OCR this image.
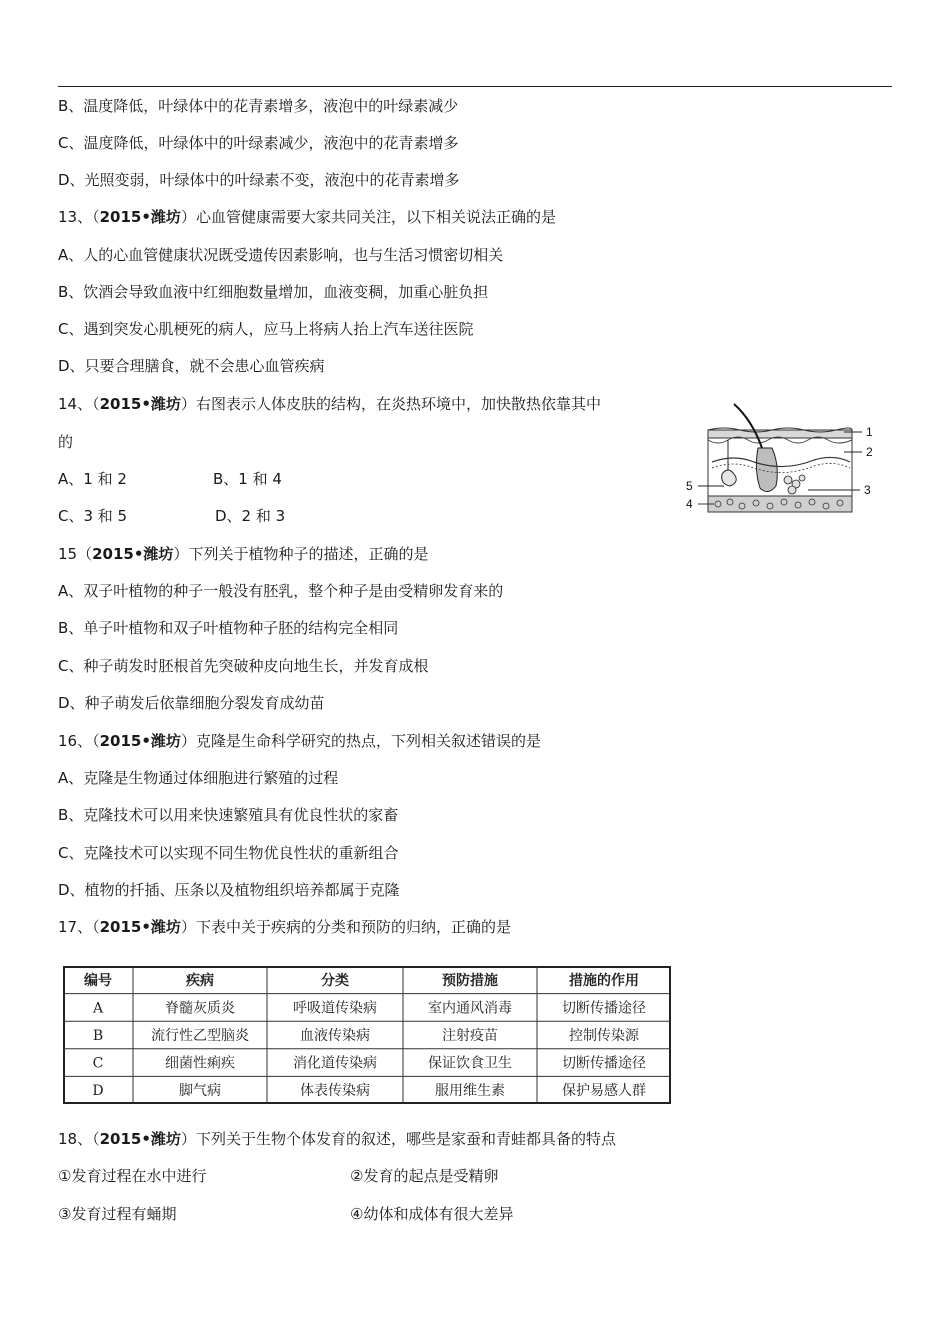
B、温度降低，叶绿体中的花青素增多，液泡中的叶绿素减少
C、温度降低，叶绿体中的叶绿素减少，液泡中的花青素增多
D、光照变弱，叶绿体中的叶绿素不变，液泡中的花青素增多
13、（2015•潍坊）心血管健康需要大家共同关注，以下相关说法正确的是
A、人的心血管健康状况既受遗传因素影响，也与生活习惯密切相关
B、饮酒会导致血液中红细胞数量增加，血液变稠，加重心脏负担
C、遇到突发心肌梗死的病人，应马上将病人抬上汽车送往医院
D、只要合理膳食，就不会患心血管疾病
14、（2015•潍坊）右图表示人体皮肤的结构，在炎热环境中，加快散热依靠其中
的
A、1 和 2	B、1 和 4
C、3 和 5	D、2 和 3
1
2
3
4
5
15（2015•潍坊）下列关于植物种子的描述，正确的是
A、双子叶植物的种子一般没有胚乳，整个种子是由受精卵发育来的
B、单子叶植物和双子叶植物种子胚的结构完全相同
C、种子萌发时胚根首先突破种皮向地生长，并发育成根
D、种子萌发后依靠细胞分裂发育成幼苗
16、（2015•潍坊）克隆是生命科学研究的热点，下列相关叙述错误的是
A、克隆是生物通过体细胞进行繁殖的过程
B、克隆技术可以用来快速繁殖具有优良性状的家畜
C、克隆技术可以实现不同生物优良性状的重新组合
D、植物的扦插、压条以及植物组织培养都属于克隆
17、（2015•潍坊）下表中关于疾病的分类和预防的归纳，正确的是
编号	疾病	分类	预防措施	措施的作用
A	脊髓灰质炎	呼吸道传染病	室内通风消毒	切断传播途径
B	流行性乙型脑炎	血液传染病	注射疫苗	控制传染源
C	细菌性痢疾	消化道传染病	保证饮食卫生	切断传播途径
D	脚气病	体表传染病	服用维生素	保护易感人群
18、（2015•潍坊）下列关于生物个体发育的叙述，哪些是家蚕和青蛙都具备的特点
①发育过程在水中进行	②发育的起点是受精卵
③发育过程有蛹期	④幼体和成体有很大差异
